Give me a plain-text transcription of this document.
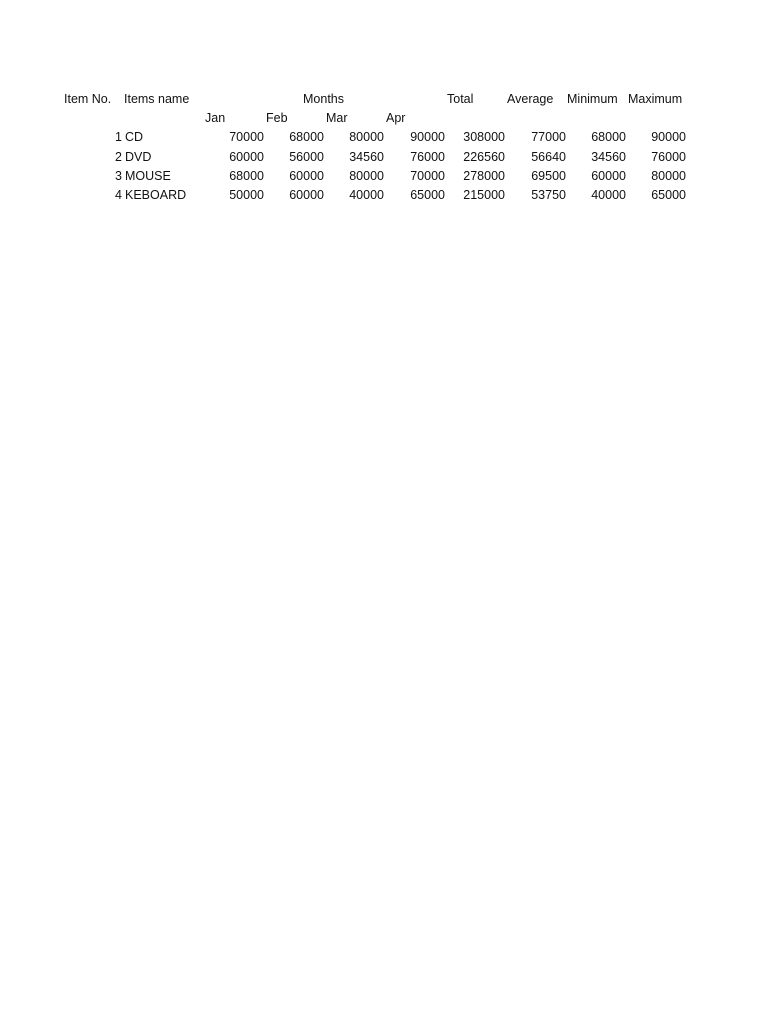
Item No. Items name	Months	Total	Average Minimum Maximum
Jan	Feb	Mar	Apr
1 CD	70000	68000	80000	90000	308000	77000	68000	90000
2 DVD	60000	56000	34560	76000	226560	56640	34560	76000
3 MOUSE	68000	60000	80000	70000	278000	69500	60000	80000
4 KEBOARD	50000	60000	40000	65000	215000	53750	40000	65000
